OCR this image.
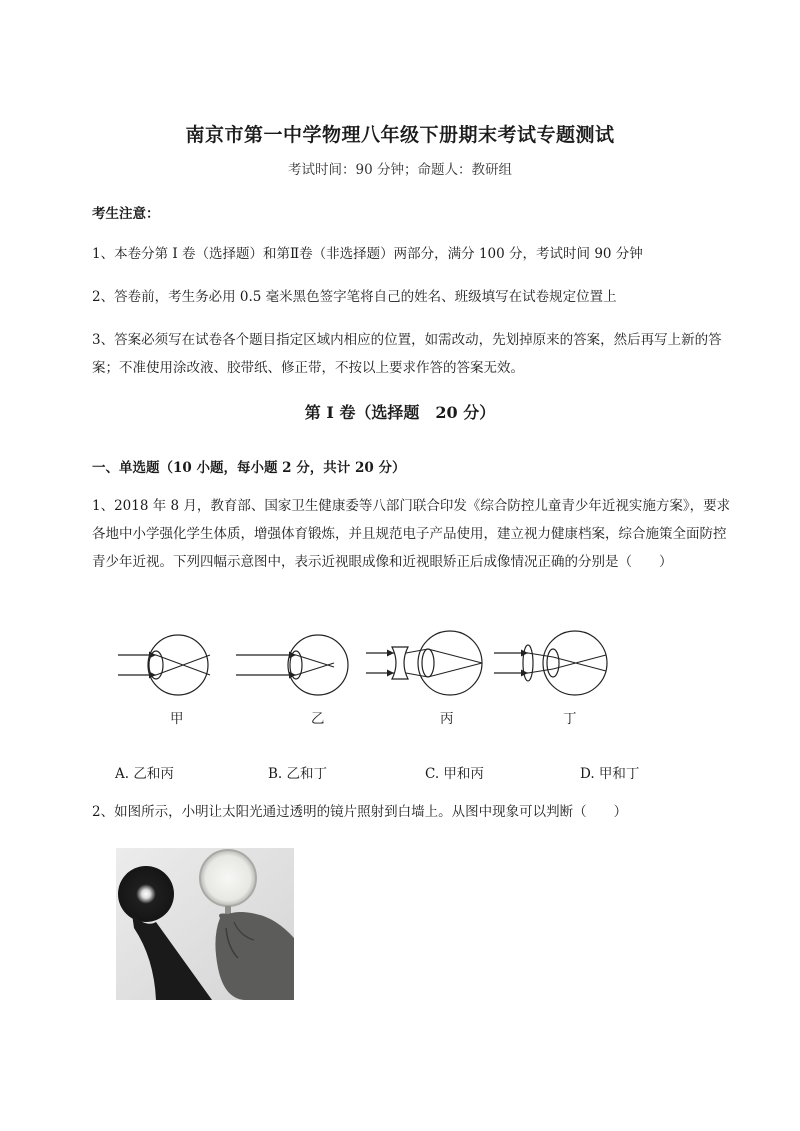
南京市第一中学物理八年级下册期末考试专题测试
考试时间：90 分钟；命题人：教研组
考生注意：
1、本卷分第 I 卷（选择题）和第Ⅱ卷（非选择题）两部分，满分 100 分，考试时间 90 分钟
2、答卷前，考生务必用 0.5 毫米黑色签字笔将自己的姓名、班级填写在试卷规定位置上
3、答案必须写在试卷各个题目指定区域内相应的位置，如需改动，先划掉原来的答案，然后再写上新的答案；不准使用涂改液、胶带纸、修正带，不按以上要求作答的答案无效。
第 I 卷（选择题　20 分）
一、单选题（10 小题，每小题 2 分，共计 20 分）
1、2018 年 8 月，教育部、国家卫生健康委等八部门联合印发《综合防控儿童青少年近视实施方案》，要求各地中小学强化学生体质，增强体育锻炼，并且规范电子产品使用，建立视力健康档案，综合施策全面防控青少年近视。下列四幅示意图中，表示近视眼成像和近视眼矫正后成像情况正确的分别是（　　）
甲	乙	丙	丁
A. 乙和丙	B. 乙和丁	C. 甲和丙	D. 甲和丁
2、如图所示，小明让太阳光通过透明的镜片照射到白墙上。从图中现象可以判断（　　）
